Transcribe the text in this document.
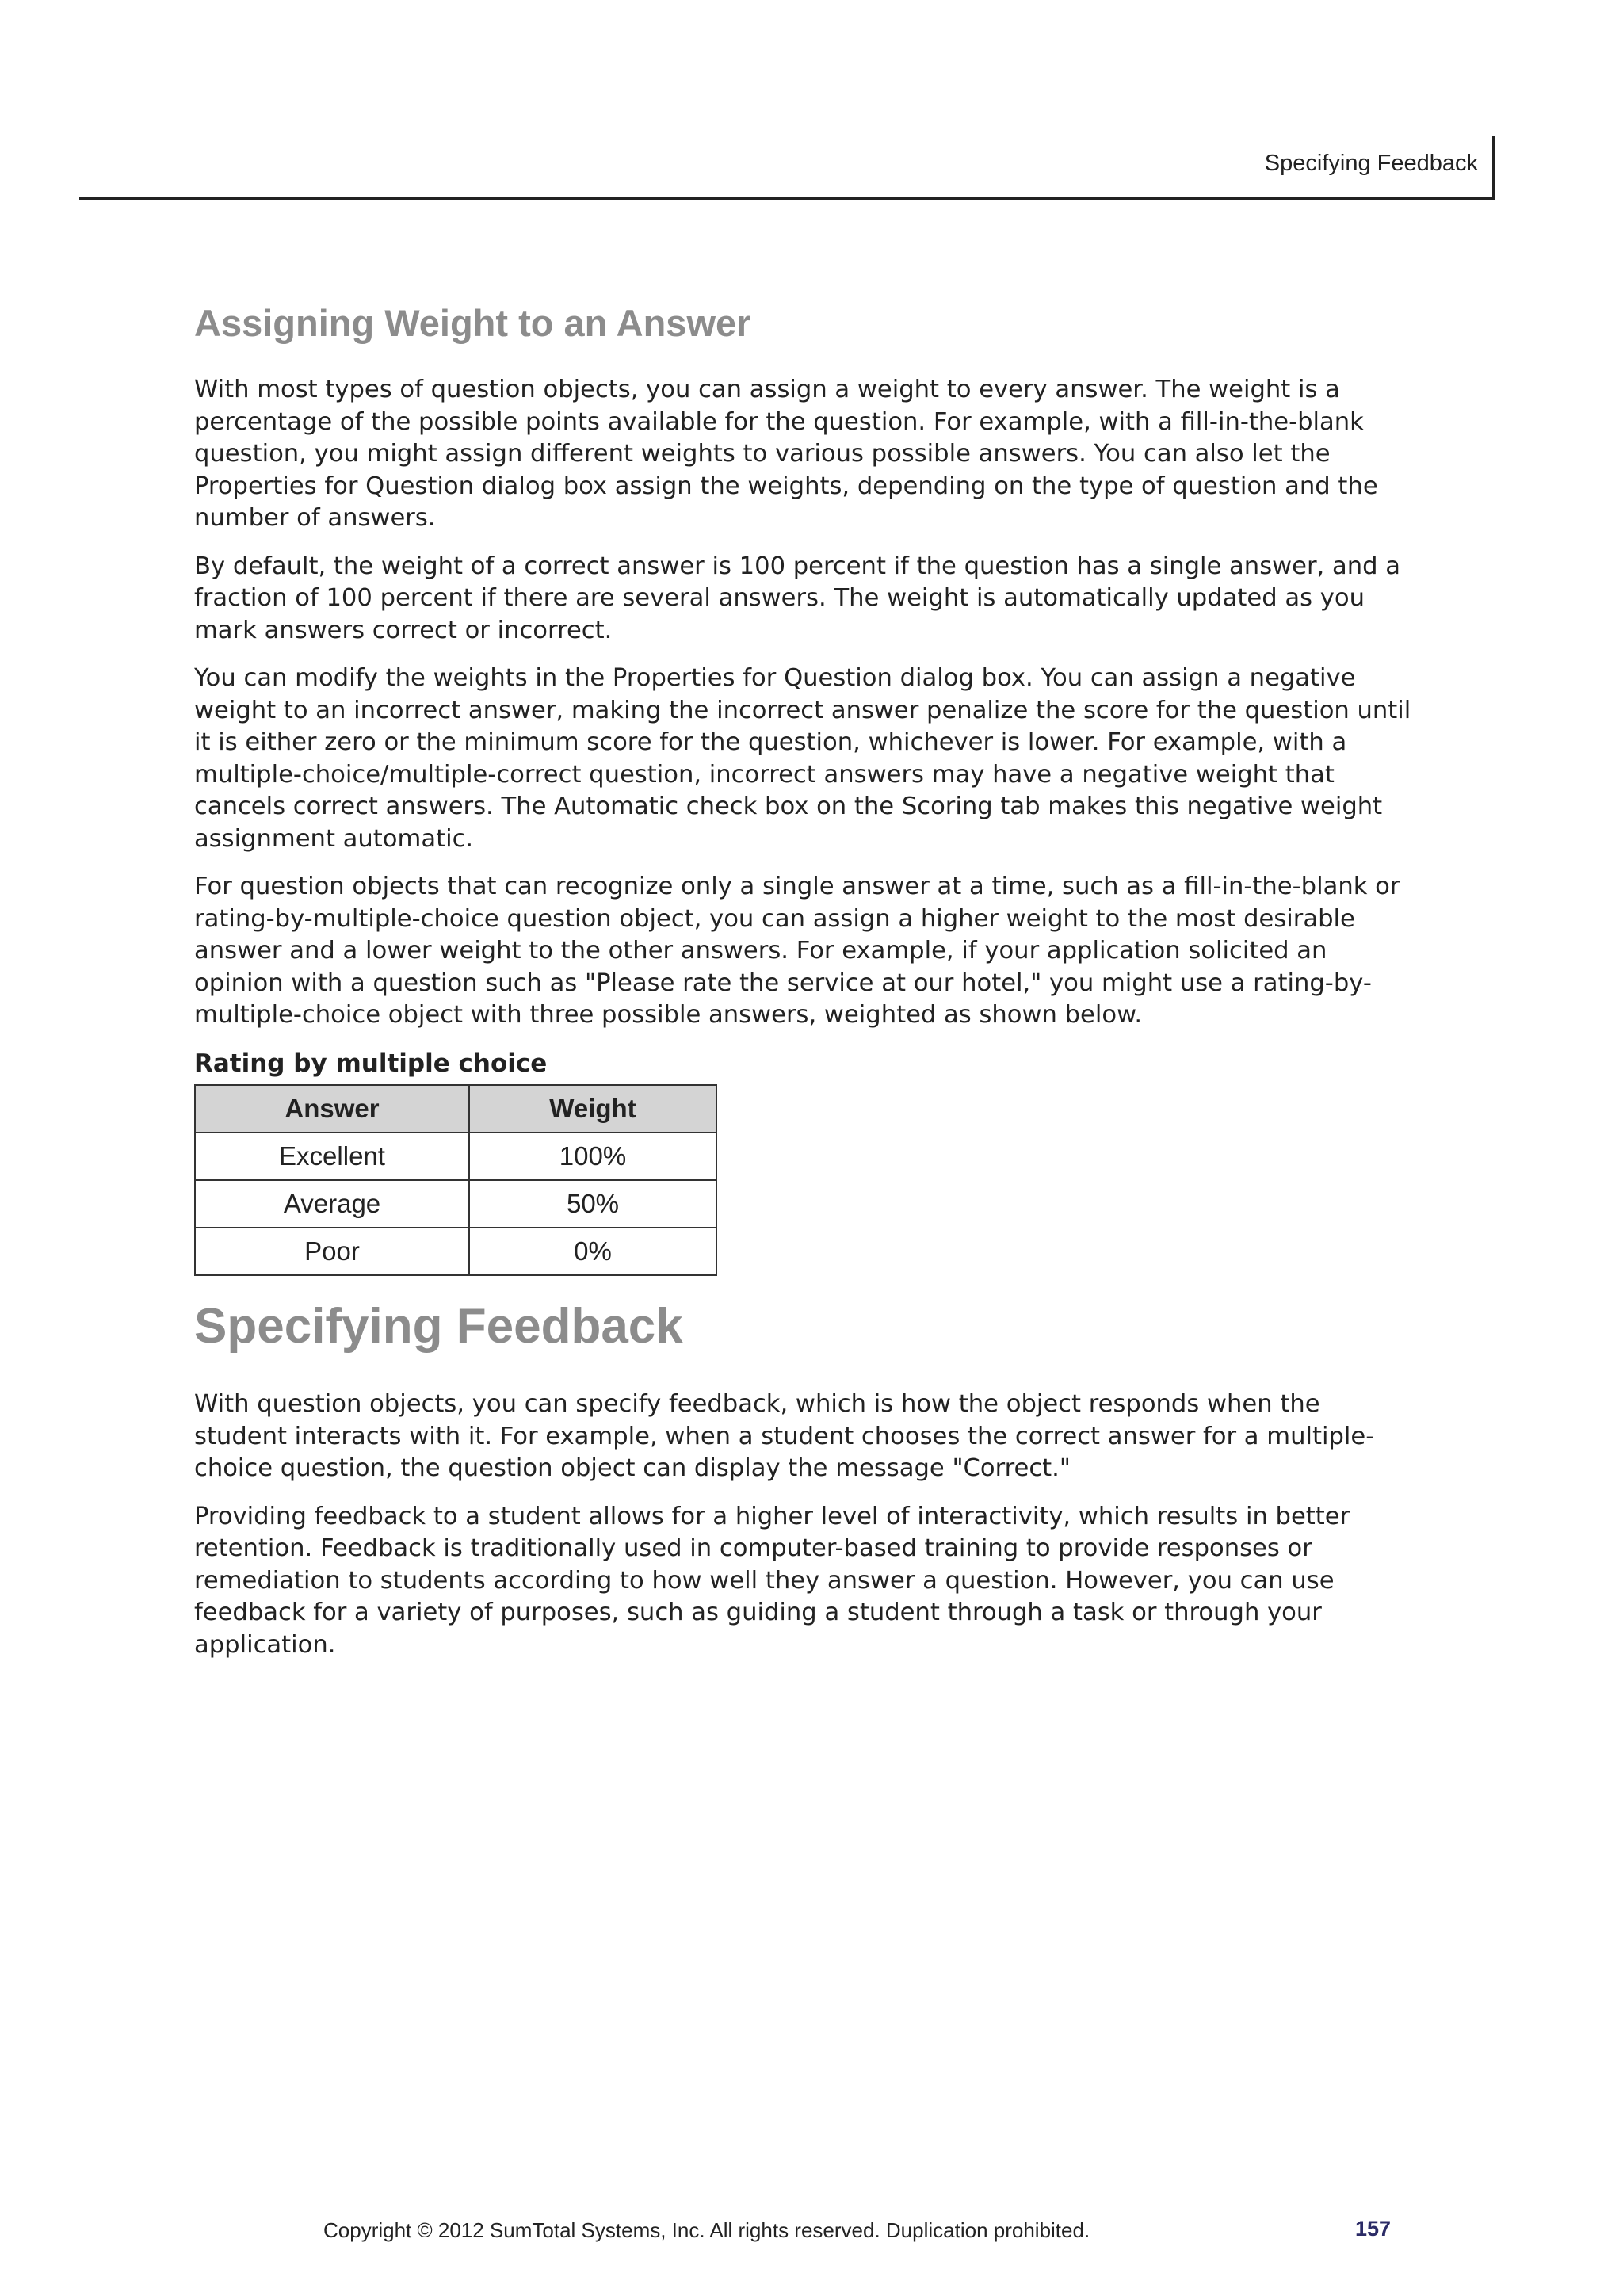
Specifying Feedback
Assigning Weight to an Answer

With most types of question objects, you can assign a weight to every answer. The weight is a percentage of the possible points available for the question. For example, with a fill-in-the-blank question, you might assign different weights to various possible answers. You can also let the Properties for Question dialog box assign the weights, depending on the type of question and the number of answers.

By default, the weight of a correct answer is 100 percent if the question has a single answer, and a fraction of 100 percent if there are several answers. The weight is automatically updated as you mark answers correct or incorrect.

You can modify the weights in the Properties for Question dialog box. You can assign a negative weight to an incorrect answer, making the incorrect answer penalize the score for the question until it is either zero or the minimum score for the question, whichever is lower. For example, with a multiple-choice/multiple-correct question, incorrect answers may have a negative weight that cancels correct answers. The Automatic check box on the Scoring tab makes this negative weight assignment automatic.

For question objects that can recognize only a single answer at a time, such as a fill-in-the-blank or rating-by-multiple-choice question object, you can assign a higher weight to the most desirable answer and a lower weight to the other answers. For example, if your application solicited an opinion with a question such as "Please rate the service at our hotel," you might use a rating-by-multiple-choice object with three possible answers, weighted as shown below.

Rating by multiple choice
Answer	Weight
Excellent	100%
Average	50%
Poor	0%
Specifying Feedback

With question objects, you can specify feedback, which is how the object responds when the student interacts with it. For example, when a student chooses the correct answer for a multiple-choice question, the question object can display the message "Correct."

Providing feedback to a student allows for a higher level of interactivity, which results in better retention. Feedback is traditionally used in computer-based training to provide responses or remediation to students according to how well they answer a question. However, you can use feedback for a variety of purposes, such as guiding a student through a task or through your application.

Copyright © 2012 SumTotal Systems, Inc. All rights reserved. Duplication prohibited.	157
